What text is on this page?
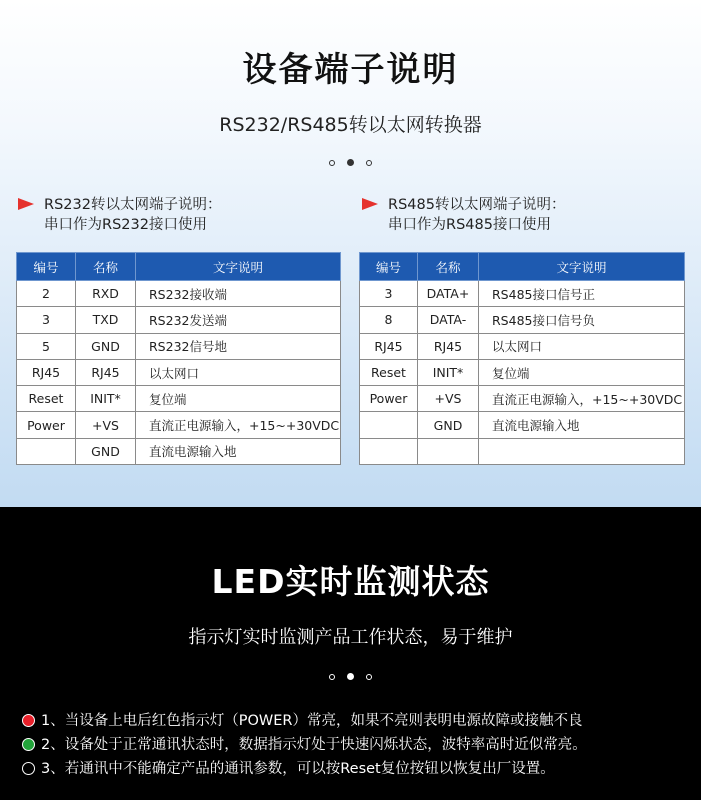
设备端子说明
RS232/RS485转以太网转换器
RS232转以太网端子说明：
串口作为RS232接口使用
RS485转以太网端子说明：
串口作为RS485接口使用
编号	名称	文字说明
2	RXD	RS232接收端
3	TXD	RS232发送端
5	GND	RS232信号地
RJ45	RJ45	以太网口
Reset	INIT*	复位端
Power	+VS	直流正电源输入，+15~+30VDC
	GND	直流电源输入地
编号	名称	文字说明
3	DATA+	RS485接口信号正
8	DATA-	RS485接口信号负
RJ45	RJ45	以太网口
Reset	INIT*	复位端
Power	+VS	直流正电源输入，+15~+30VDC
	GND	直流电源输入地

LED实时监测状态
指示灯实时监测产品工作状态，易于维护
1、当设备上电后红色指示灯（POWER）常亮，如果不亮则表明电源故障或接触不良
2、设备处于正常通讯状态时，数据指示灯处于快速闪烁状态，波特率高时近似常亮。
3、若通讯中不能确定产品的通讯参数，可以按Reset复位按钮以恢复出厂设置。
